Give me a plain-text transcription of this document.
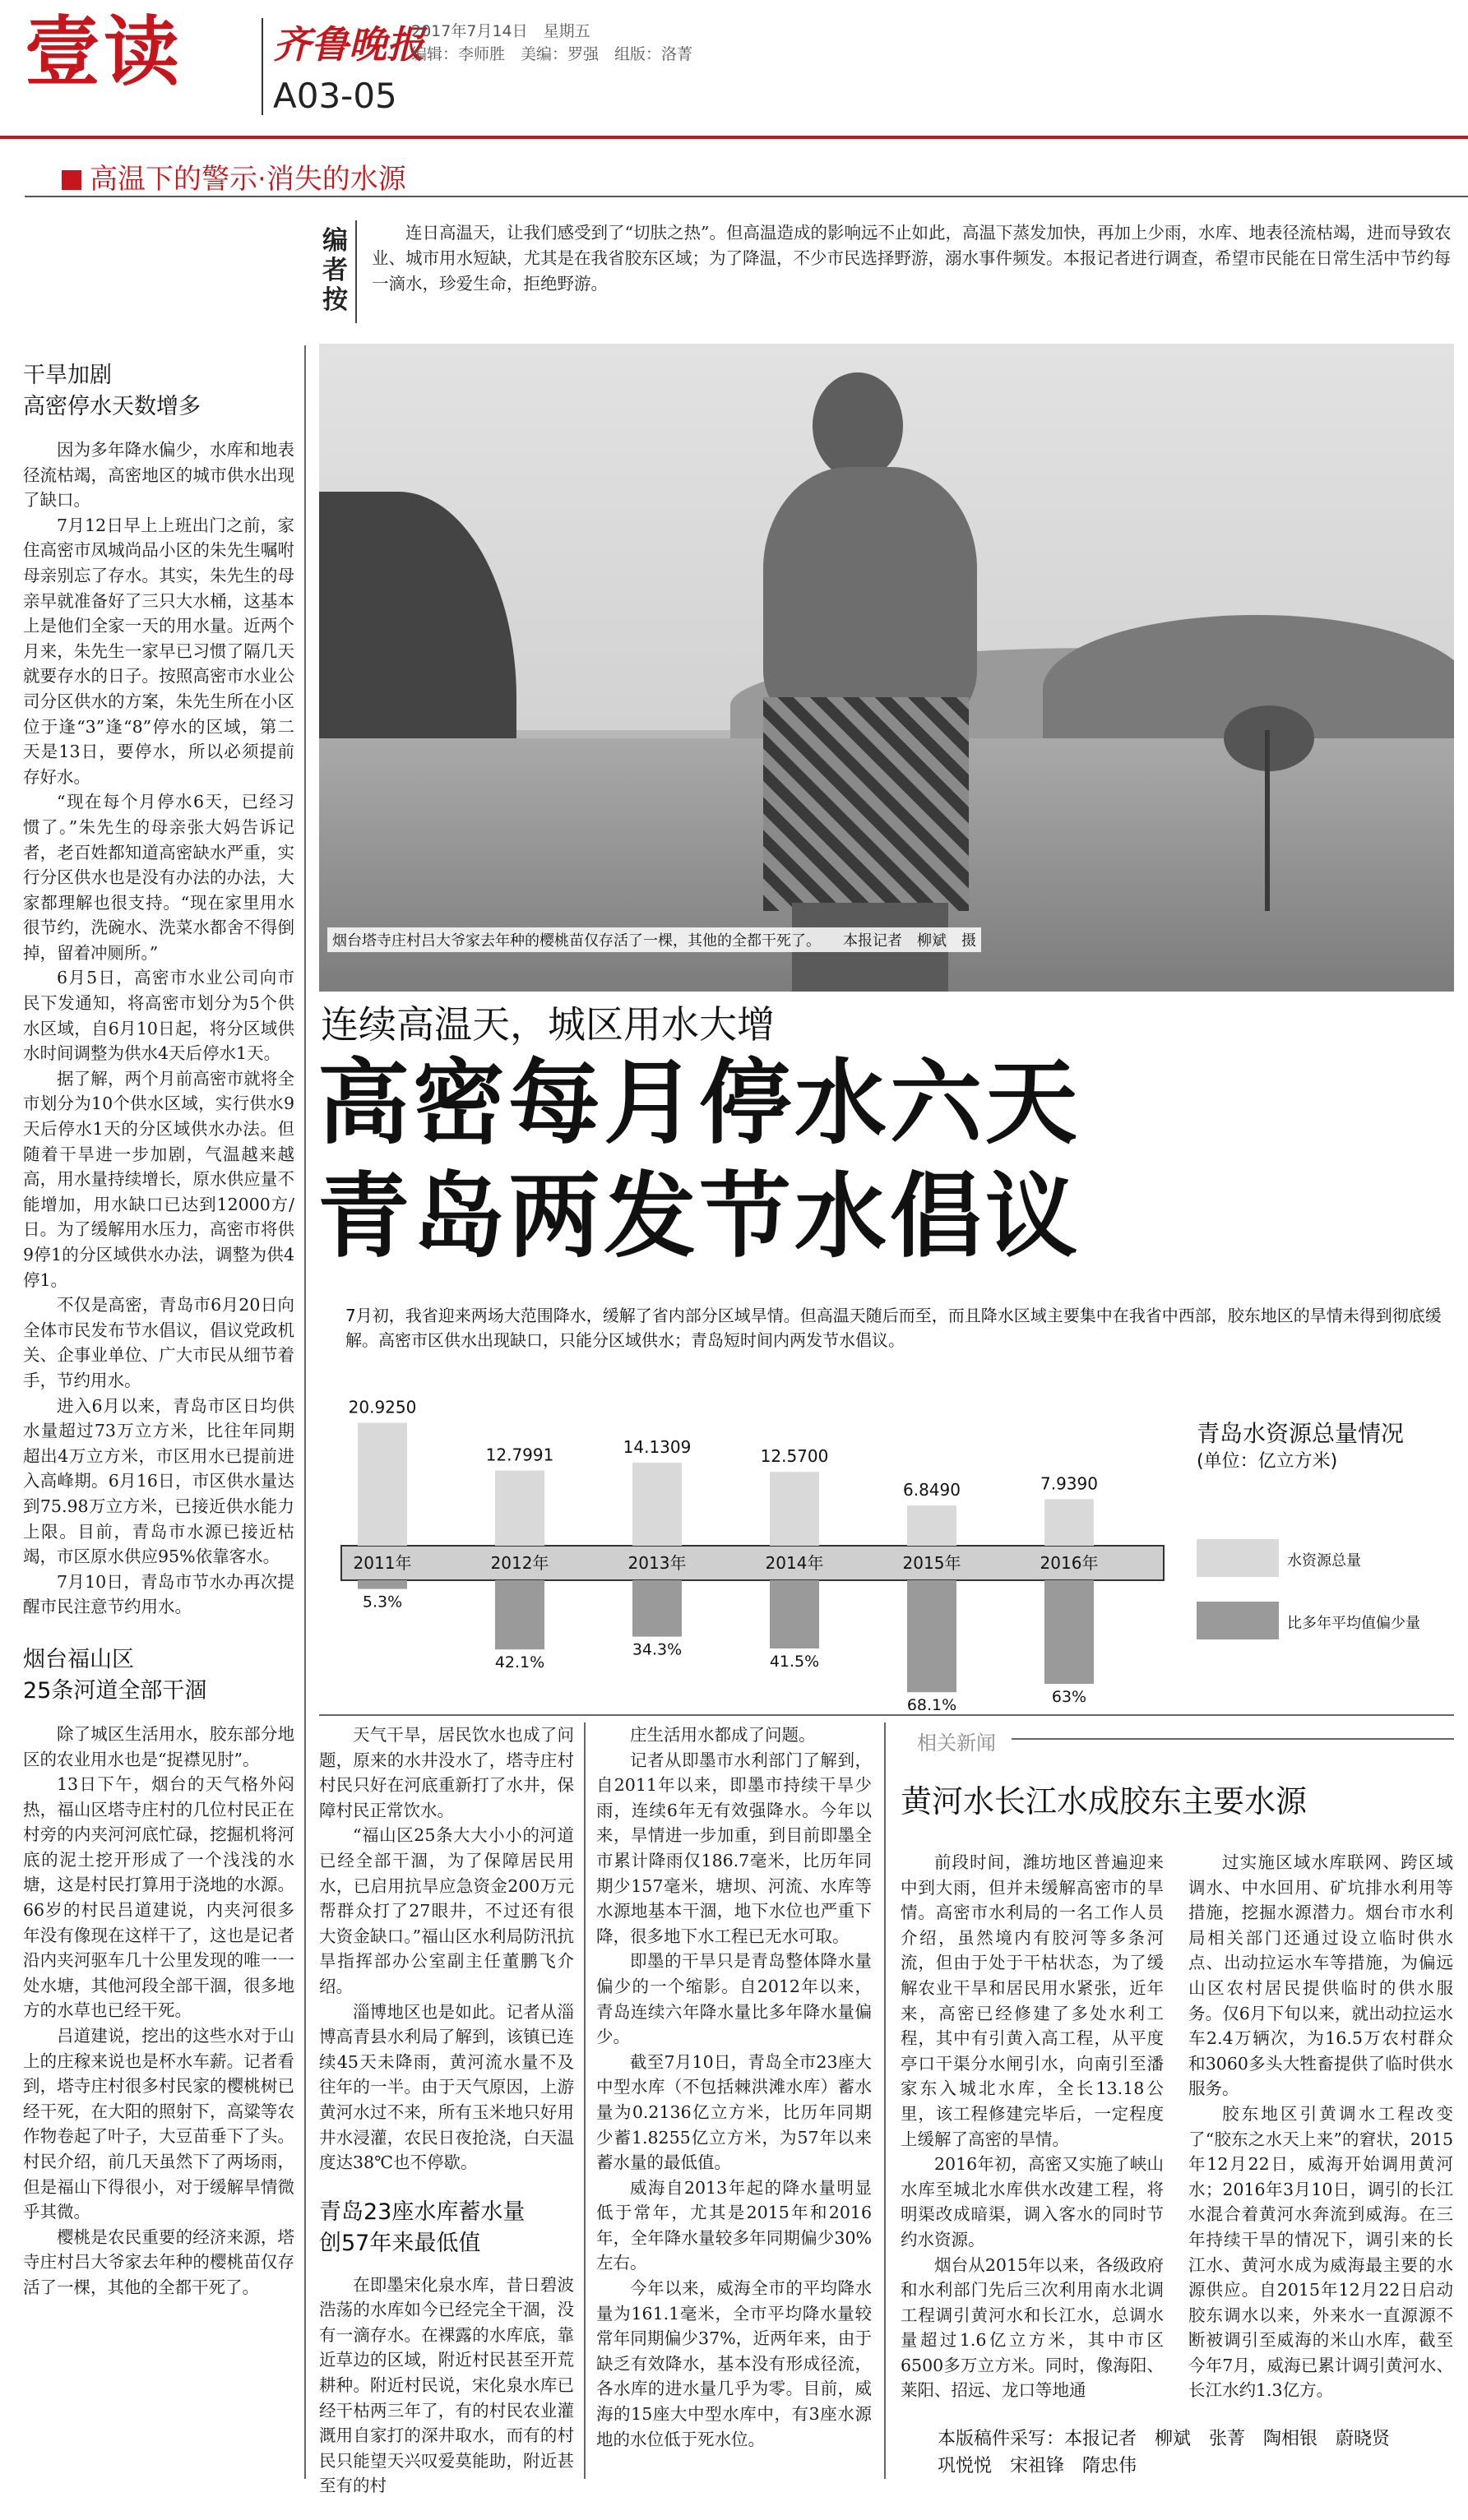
壹读 齐鲁晚报
2017年7月14日　星期五
编辑：李师胜　美编：罗强　组版：洛菁
A03-05
高温下的警示·消失的水源
编者按
连日高温天，让我们感受到了“切肤之热”。但高温造成的影响远不止如此，高温下蒸发加快，再加上少雨，水库、地表径流枯竭，进而导致农业、城市用水短缺，尤其是在我省胶东区域；为了降温，不少市民选择野游，溺水事件频发。本报记者进行调查，希望市民能在日常生活中节约每一滴水，珍爱生命，拒绝野游。
烟台塔寺庄村吕大爷家去年种的樱桃苗仅存活了一棵，其他的全都干死了。　　本报记者　柳斌　摄
连续高温天，城区用水大增
高密每月停水六天
青岛两发节水倡议
7月初，我省迎来两场大范围降水，缓解了省内部分区域旱情。但高温天随后而至，而且降水区域主要集中在我省中西部，胶东地区的旱情未得到彻底缓解。高密市区供水出现缺口，只能分区域供水；青岛短时间内两发节水倡议。
20.9250
5.3%
2011年
12.7991
42.1%
2012年
14.1309
34.3%
2013年
12.5700
41.5%
2014年
6.8490
68.1%
2015年
7.9390
63%
2016年
青岛水资源总量情况
(单位：亿立方米)
水资源总量
比多年平均值偏少量
干旱加剧
高密停水天数增多

因为多年降水偏少，水库和地表径流枯竭，高密地区的城市供水出现了缺口。

7月12日早上上班出门之前，家住高密市凤城尚品小区的朱先生嘱咐母亲别忘了存水。其实，朱先生的母亲早就准备好了三只大水桶，这基本上是他们全家一天的用水量。近两个月来，朱先生一家早已习惯了隔几天就要存水的日子。按照高密市水业公司分区供水的方案，朱先生所在小区位于逢“3”逢“8”停水的区域，第二天是13日，要停水，所以必须提前存好水。

“现在每个月停水6天，已经习惯了。”朱先生的母亲张大妈告诉记者，老百姓都知道高密缺水严重，实行分区供水也是没有办法的办法，大家都理解也很支持。“现在家里用水很节约，洗碗水、洗菜水都舍不得倒掉，留着冲厕所。”

6月5日，高密市水业公司向市民下发通知，将高密市划分为5个供水区域，自6月10日起，将分区域供水时间调整为供水4天后停水1天。

据了解，两个月前高密市就将全市划分为10个供水区域，实行供水9天后停水1天的分区域供水办法。但随着干旱进一步加剧，气温越来越高，用水量持续增长，原水供应量不能增加，用水缺口已达到12000方/日。为了缓解用水压力，高密市将供9停1的分区域供水办法，调整为供4停1。

不仅是高密，青岛市6月20日向全体市民发布节水倡议，倡议党政机关、企事业单位、广大市民从细节着手，节约用水。

进入6月以来，青岛市区日均供水量超过73万立方米，比往年同期超出4万立方米，市区用水已提前进入高峰期。6月16日，市区供水量达到75.98万立方米，已接近供水能力上限。目前，青岛市水源已接近枯竭，市区原水供应95%依靠客水。

7月10日，青岛市节水办再次提醒市民注意节约用水。

烟台福山区
25条河道全部干涸

除了城区生活用水，胶东部分地区的农业用水也是“捉襟见肘”。

13日下午，烟台的天气格外闷热，福山区塔寺庄村的几位村民正在村旁的内夹河河底忙碌，挖掘机将河底的泥土挖开形成了一个浅浅的水塘，这是村民打算用于浇地的水源。66岁的村民吕道建说，内夹河很多年没有像现在这样干了，这也是记者沿内夹河驱车几十公里发现的唯一一处水塘，其他河段全部干涸，很多地方的水草也已经干死。

吕道建说，挖出的这些水对于山上的庄稼来说也是杯水车薪。记者看到，塔寺庄村很多村民家的樱桃树已经干死，在大阳的照射下，高粱等农作物卷起了叶子，大豆苗垂下了头。村民介绍，前几天虽然下了两场雨，但是福山下得很小，对于缓解旱情微乎其微。

樱桃是农民重要的经济来源，塔寺庄村吕大爷家去年种的樱桃苗仅存活了一棵，其他的全都干死了。

天气干旱，居民饮水也成了问题，原来的水井没水了，塔寺庄村村民只好在河底重新打了水井，保障村民正常饮水。

“福山区25条大大小小的河道已经全部干涸，为了保障居民用水，已启用抗旱应急资金200万元帮群众打了27眼井，不过还有很大资金缺口。”福山区水利局防汛抗旱指挥部办公室副主任董鹏飞介绍。

淄博地区也是如此。记者从淄博高青县水利局了解到，该镇已连续45天未降雨，黄河流水量不及往年的一半。由于天气原因，上游黄河水过不来，所有玉米地只好用井水浸灌，农民日夜抢浇，白天温度达38℃也不停歇。

青岛23座水库蓄水量
创57年来最低值

在即墨宋化泉水库，昔日碧波浩荡的水库如今已经完全干涸，没有一滴存水。在裸露的水库底，靠近草边的区域，附近村民甚至开荒耕种。附近村民说，宋化泉水库已经干枯两三年了，有的村民农业灌溉用自家打的深井取水，而有的村民只能望天兴叹爱莫能助，附近甚至有的村

庄生活用水都成了问题。

记者从即墨市水利部门了解到，自2011年以来，即墨市持续干旱少雨，连续6年无有效强降水。今年以来，旱情进一步加重，到目前即墨全市累计降雨仅186.7毫米，比历年同期少157毫米，塘坝、河流、水库等水源地基本干涸，地下水位也严重下降，很多地下水工程已无水可取。

即墨的干旱只是青岛整体降水量偏少的一个缩影。自2012年以来，青岛连续六年降水量比多年降水量偏少。

截至7月10日，青岛全市23座大中型水库（不包括棘洪滩水库）蓄水量为0.2136亿立方米，比历年同期少蓄1.8255亿立方米，为57年以来蓄水量的最低值。

威海自2013年起的降水量明显低于常年，尤其是2015年和2016年，全年降水量较多年同期偏少30%左右。

今年以来，威海全市的平均降水量为161.1毫米，全市平均降水量较常年同期偏少37%，近两年来，由于缺乏有效降水，基本没有形成径流，各水库的进水量几乎为零。目前，威海的15座大中型水库中，有3座水源地的水位低于死水位。

相关新闻
黄河水长江水成胶东主要水源

前段时间，潍坊地区普遍迎来中到大雨，但并未缓解高密市的旱情。高密市水利局的一名工作人员介绍，虽然境内有胶河等多条河流，但由于处于干枯状态，为了缓解农业干旱和居民用水紧张，近年来，高密已经修建了多处水利工程，其中有引黄入高工程，从平度亭口干渠分水闸引水，向南引至潘家东入城北水库，全长13.18公里，该工程修建完毕后，一定程度上缓解了高密的旱情。

2016年初，高密又实施了峡山水库至城北水库供水改建工程，将明渠改成暗渠，调入客水的同时节约水资源。

烟台从2015年以来，各级政府和水利部门先后三次利用南水北调工程调引黄河水和长江水，总调水量超过1.6亿立方米，其中市区6500多万立方米。同时，像海阳、莱阳、招远、龙口等地通

过实施区域水库联网、跨区域调水、中水回用、矿坑排水利用等措施，挖掘水源潜力。烟台市水利局相关部门还通过设立临时供水点、出动拉运水车等措施，为偏远山区农村居民提供临时的供水服务。仅6月下旬以来，就出动拉运水车2.4万辆次，为16.5万农村群众和3060多头大牲畜提供了临时供水服务。

胶东地区引黄调水工程改变了“胶东之水天上来”的窘状，2015年12月22日，威海开始调用黄河水；2016年3月10日，调引的长江水混合着黄河水奔流到威海。在三年持续干旱的情况下，调引来的长江水、黄河水成为威海最主要的水源供应。自2015年12月22日启动胶东调水以来，外来水一直源源不断被调引至威海的米山水库，截至今年7月，威海已累计调引黄河水、长江水约1.3亿方。

本版稿件采写：本报记者　柳斌　张菁　陶相银　蔚晓贤
巩悦悦　宋祖锋　隋忠伟
